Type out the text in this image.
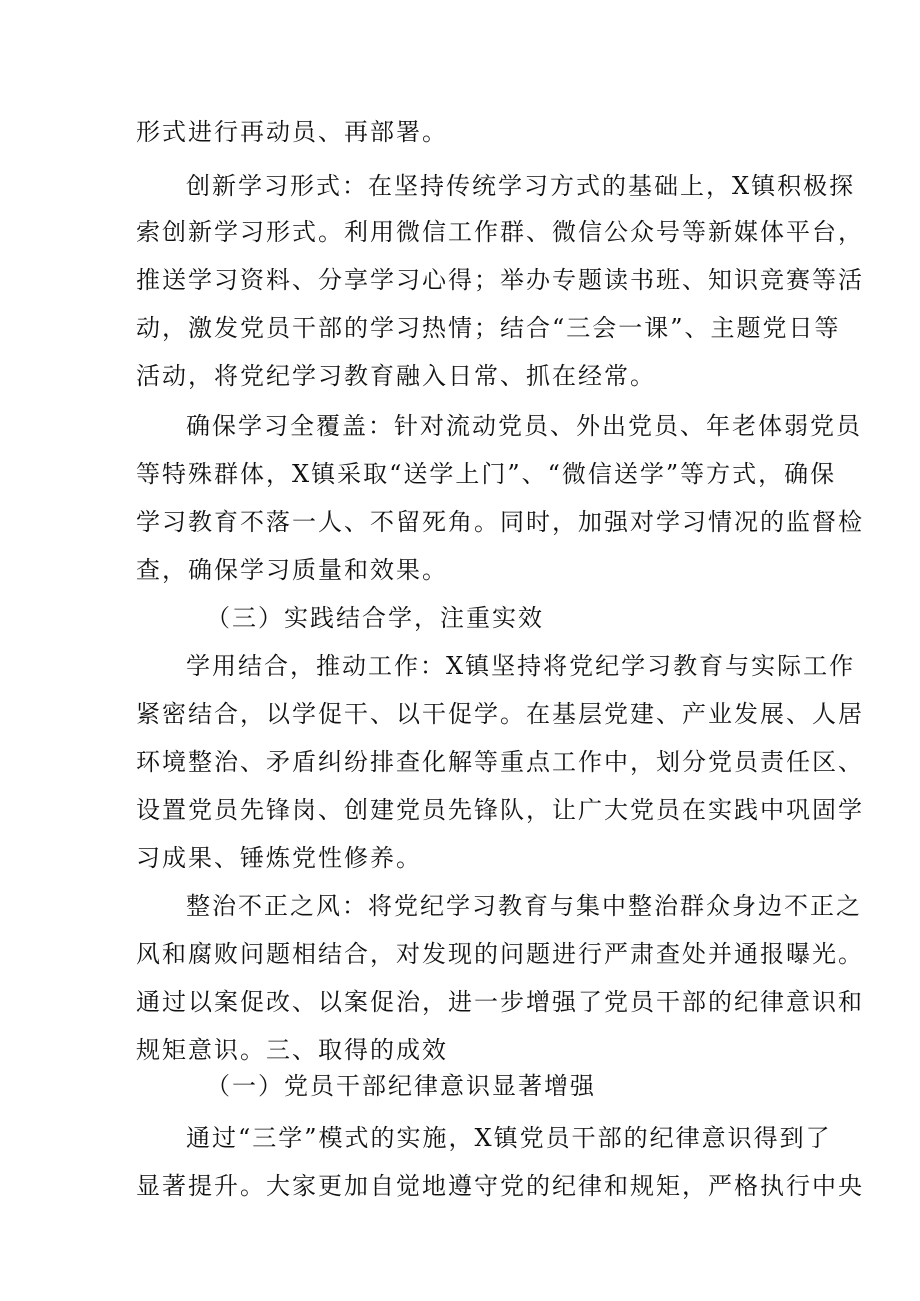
形式进行再动员、再部署。
创新学习形式：在坚持传统学习方式的基础上，X镇积极探
索创新学习形式。利用微信工作群、微信公众号等新媒体平台，
推送学习资料、分享学习心得；举办专题读书班、知识竞赛等活
动，激发党员干部的学习热情；结合“三会一课”、主题党日等
活动，将党纪学习教育融入日常、抓在经常。
确保学习全覆盖：针对流动党员、外出党员、年老体弱党员
等特殊群体，X镇采取“送学上门”、“微信送学”等方式，确保
学习教育不落一人、不留死角。同时，加强对学习情况的监督检
查，确保学习质量和效果。
（三）实践结合学，注重实效
学用结合，推动工作：X镇坚持将党纪学习教育与实际工作
紧密结合，以学促干、以干促学。在基层党建、产业发展、人居
环境整治、矛盾纠纷排查化解等重点工作中，划分党员责任区、
设置党员先锋岗、创建党员先锋队，让广大党员在实践中巩固学
习成果、锤炼党性修养。
整治不正之风：将党纪学习教育与集中整治群众身边不正之
风和腐败问题相结合，对发现的问题进行严肃查处并通报曝光。
通过以案促改、以案促治，进一步增强了党员干部的纪律意识和
规矩意识。三、取得的成效
（一）党员干部纪律意识显著增强
通过“三学”模式的实施，X镇党员干部的纪律意识得到了
显著提升。大家更加自觉地遵守党的纪律和规矩，严格执行中央
